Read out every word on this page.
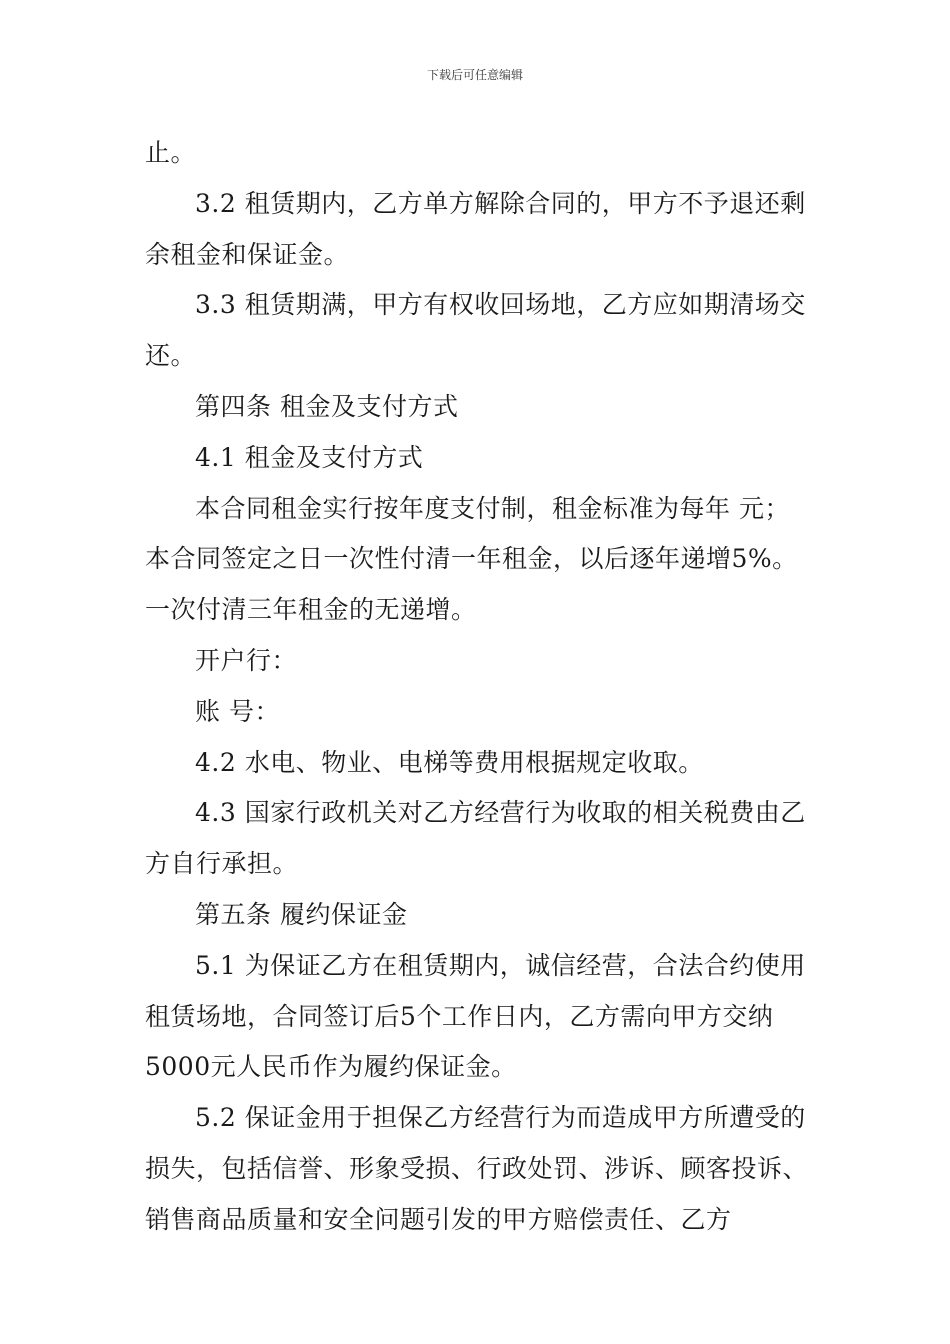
下载后可任意编辑

止。

3.2 租赁期内，乙方单方解除合同的，甲方不予退还剩余租金和保证金。

3.3 租赁期满，甲方有权收回场地，乙方应如期清场交还。

第四条 租金及支付方式

4.1 租金及支付方式

本合同租金实行按年度支付制，租金标准为每年 元；本合同签定之日一次性付清一年租金，以后逐年递增5%。一次付清三年租金的无递增。

开户行：

账 号：

4.2 水电、物业、电梯等费用根据规定收取。

4.3 国家行政机关对乙方经营行为收取的相关税费由乙方自行承担。

第五条 履约保证金

5.1 为保证乙方在租赁期内，诚信经营，合法合约使用租赁场地，合同签订后5个工作日内，乙方需向甲方交纳5000元人民币作为履约保证金。

5.2 保证金用于担保乙方经营行为而造成甲方所遭受的损失，包括信誉、形象受损、行政处罚、涉诉、顾客投诉、销售商品质量和安全问题引发的甲方赔偿责任、乙方
